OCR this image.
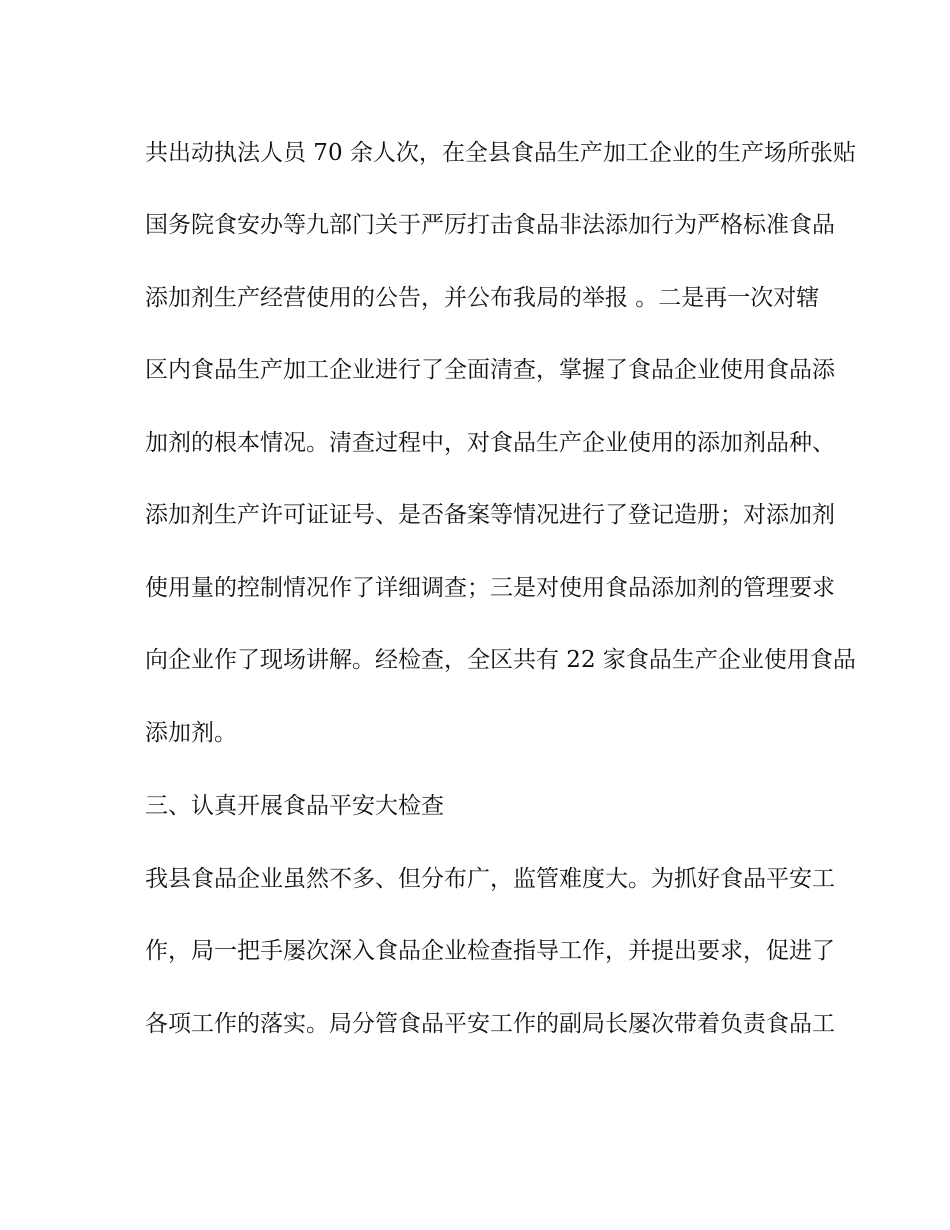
共出动执法人员 70 余人次，在全县食品生产加工企业的生产场所张贴
国务院食安办等九部门关于严厉打击食品非法添加行为严格标准食品
添加剂生产经营使用的公告，并公布我局的举报 。二是再一次对辖
区内食品生产加工企业进行了全面清查，掌握了食品企业使用食品添
加剂的根本情况。清查过程中，对食品生产企业使用的添加剂品种、
添加剂生产许可证证号、是否备案等情况进行了登记造册；对添加剂
使用量的控制情况作了详细调查；三是对使用食品添加剂的管理要求
向企业作了现场讲解。经检查，全区共有 22 家食品生产企业使用食品
添加剂。
三、认真开展食品平安大检查
我县食品企业虽然不多、但分布广，监管难度大。为抓好食品平安工
作，局一把手屡次深入食品企业检查指导工作，并提出要求，促进了
各项工作的落实。局分管食品平安工作的副局长屡次带着负责食品工
